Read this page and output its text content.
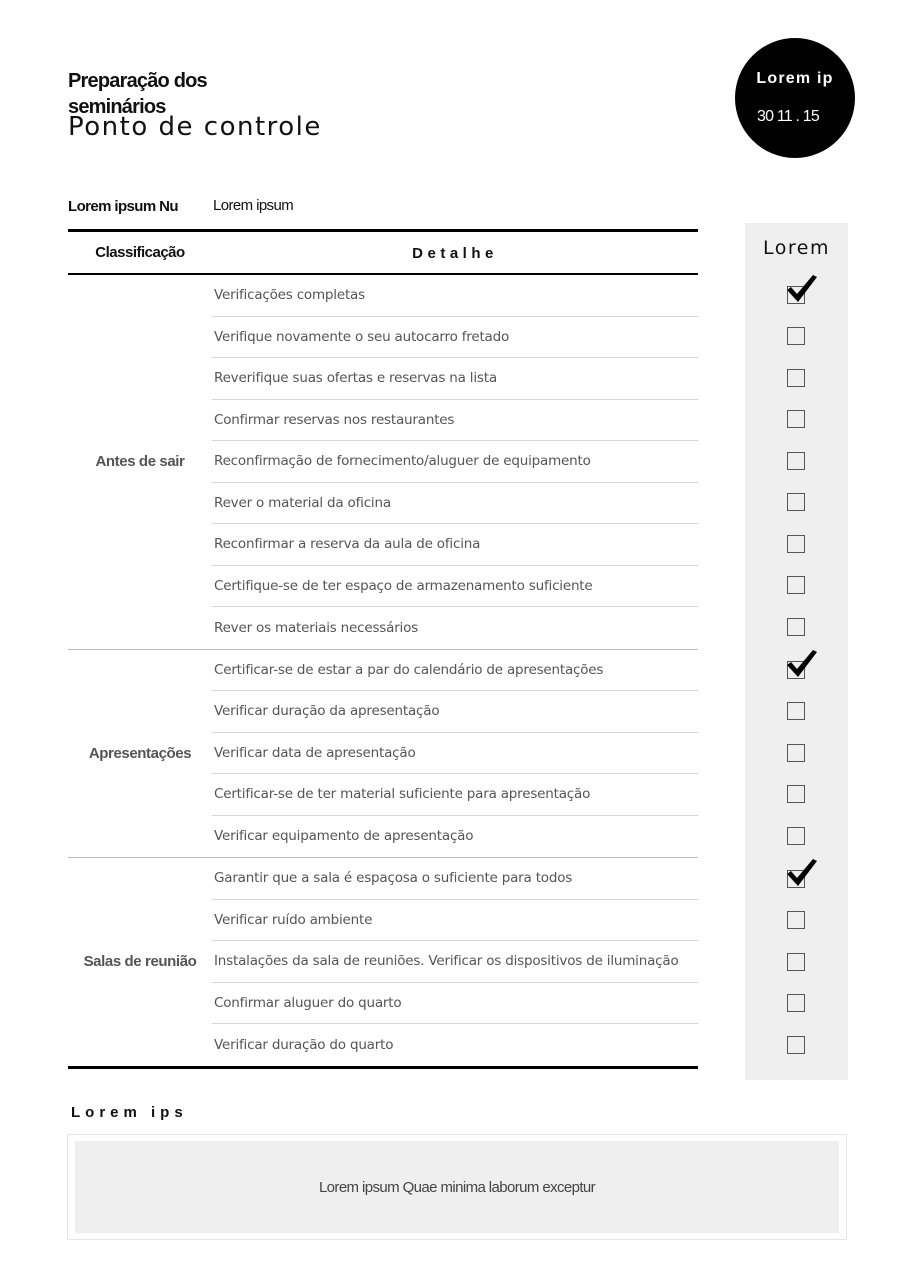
Preparação dos seminários
Ponto de controle
Lorem ip
30 11 . 15
Lorem ipsum Nu Lorem ipsum
Classificação	Detalhe
Antes de sair
Verificações completas
Verifique novamente o seu autocarro fretado
Reverifique suas ofertas e reservas na lista
Confirmar reservas nos restaurantes
Reconfirmação de fornecimento/aluguer de equipamento
Rever o material da oficina
Reconfirmar a reserva da aula de oficina
Certifique-se de ter espaço de armazenamento suficiente
Rever os materiais necessários
Apresentações
Certificar-se de estar a par do calendário de apresentações
Verificar duração da apresentação
Verificar data de apresentação
Certificar-se de ter material suficiente para apresentação
Verificar equipamento de apresentação
Salas de reunião
Garantir que a sala é espaçosa o suficiente para todos
Verificar ruído ambiente
Instalações da sala de reuniões. Verificar os dispositivos de iluminação
Confirmar aluguer do quarto
Verificar duração do quarto
Lorem
Lorem ips
Lorem ipsum Quae minima laborum exceptur
